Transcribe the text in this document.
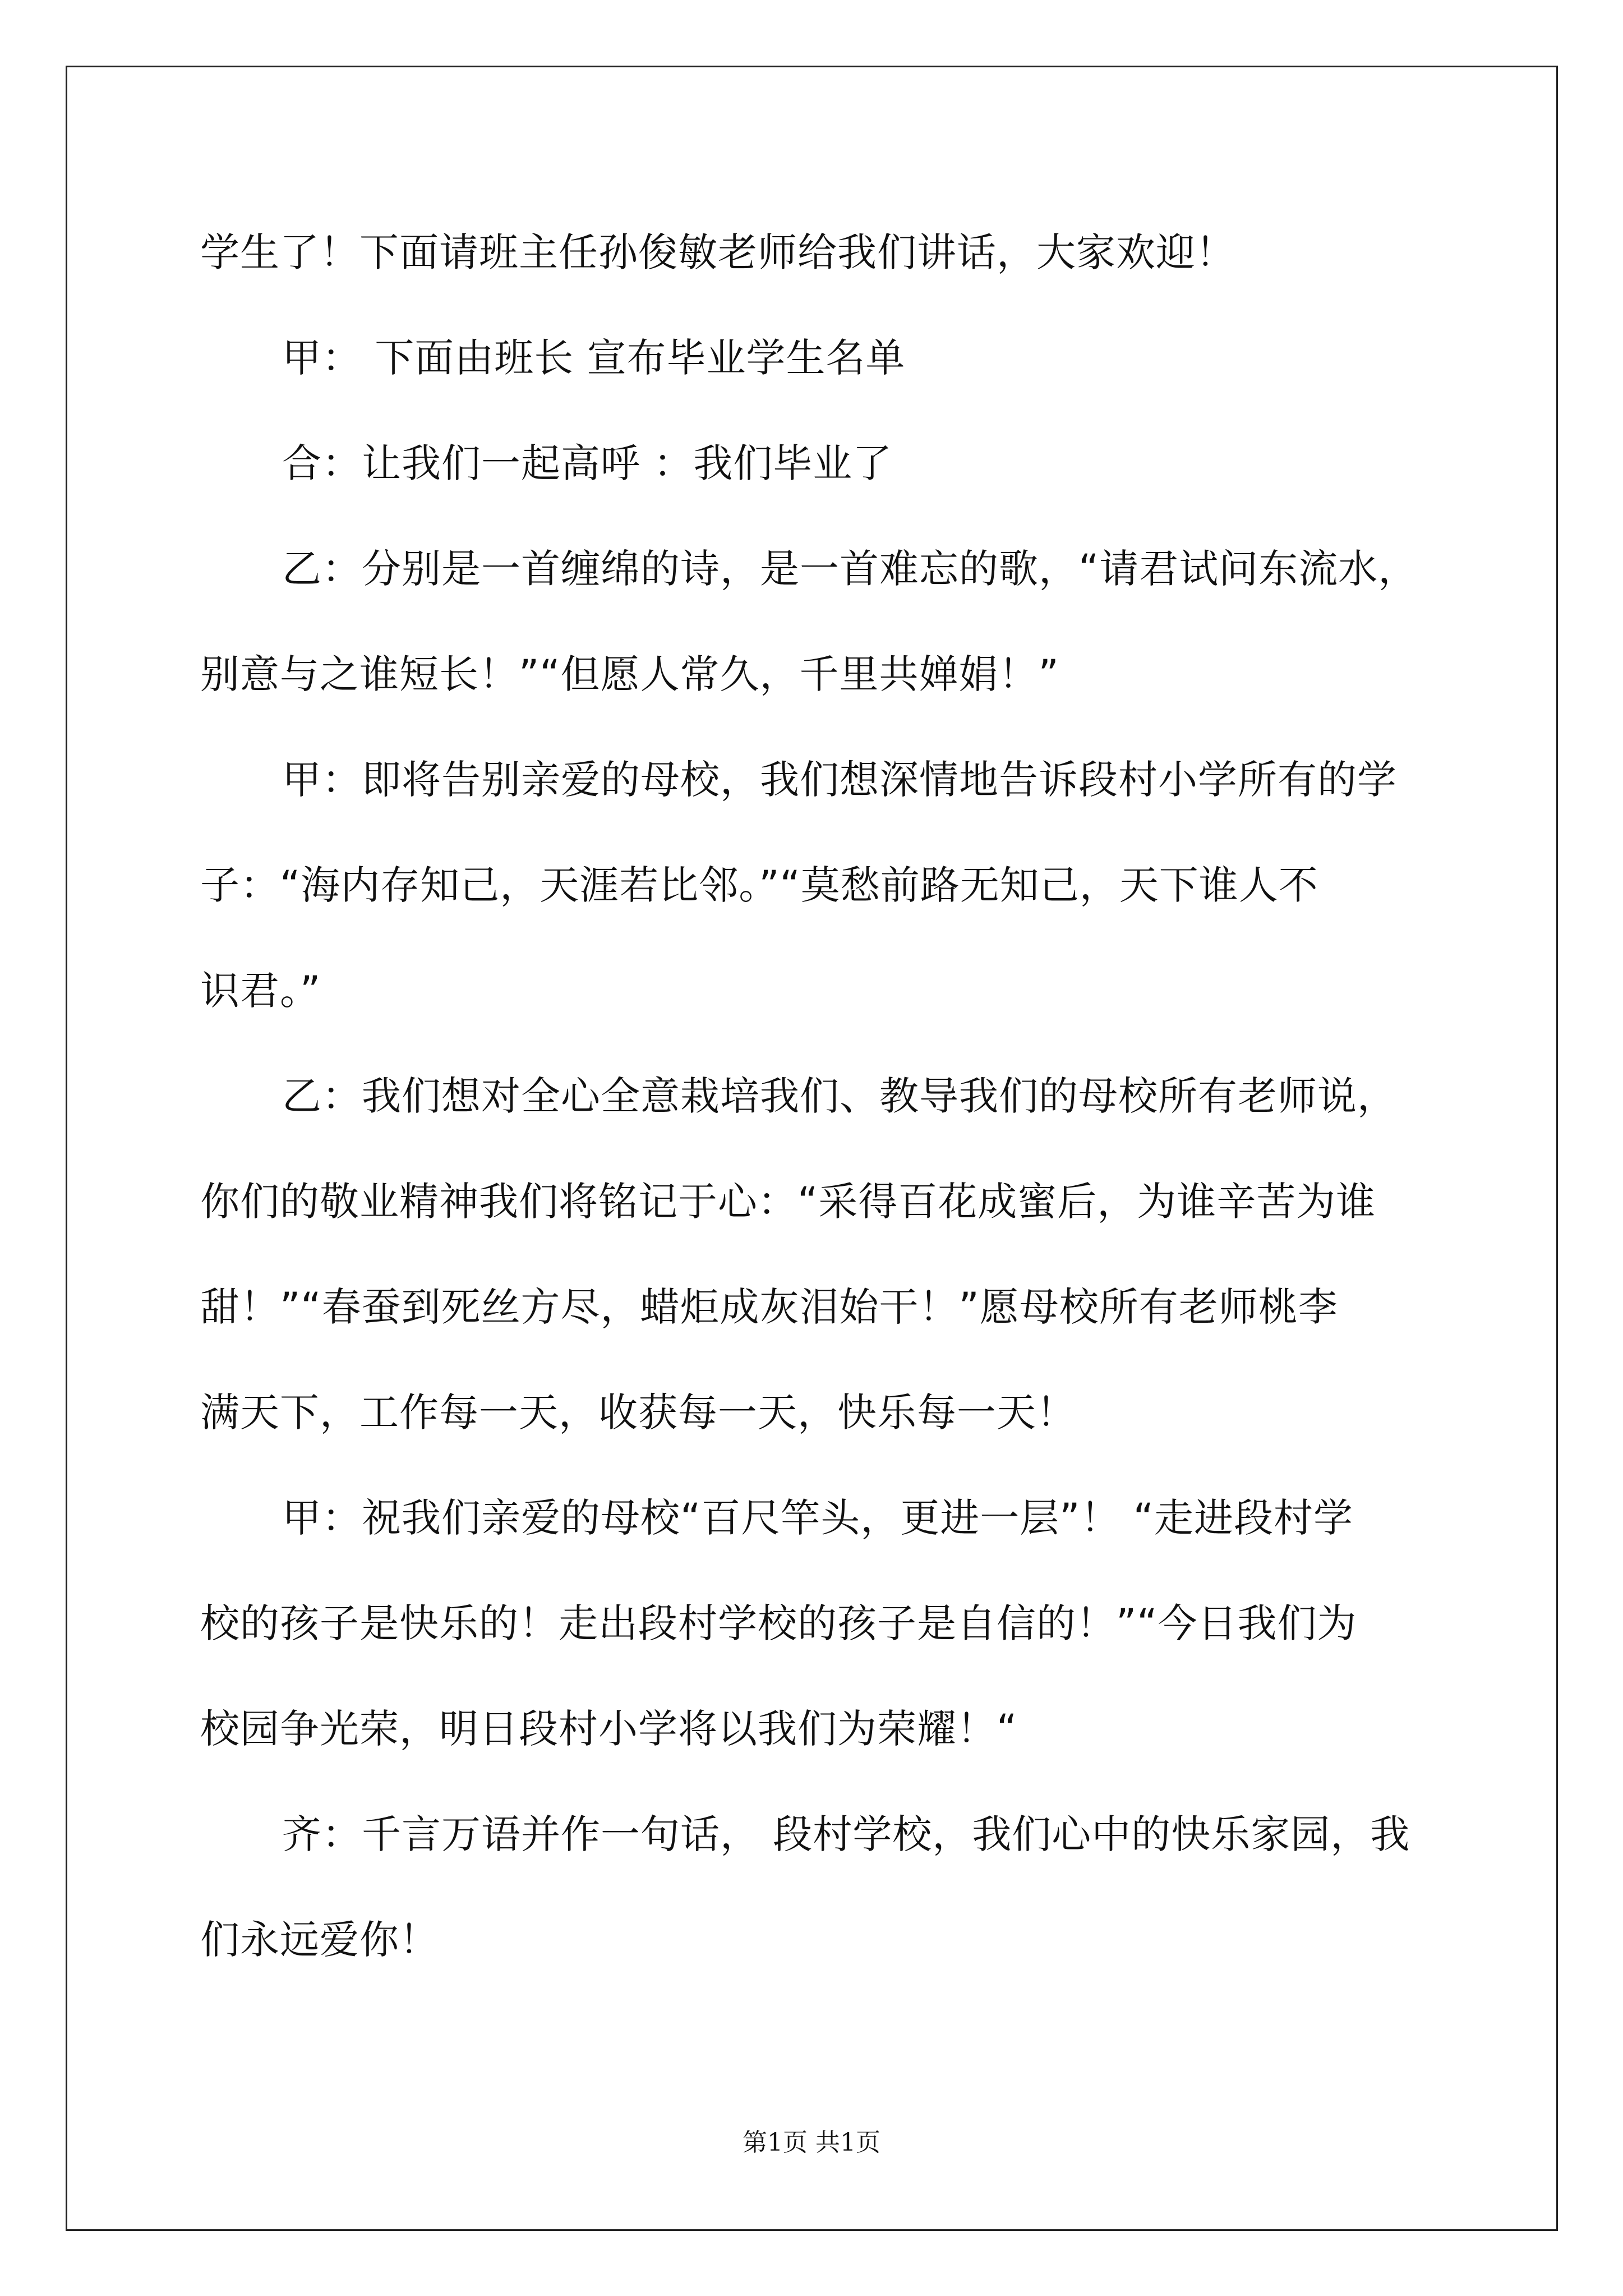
学生了！下面请班主任孙俊敏老师给我们讲话，大家欢迎！
甲： 下面由班长 宣布毕业学生名单
合：让我们一起高呼 ：我们毕业了
乙：分别是一首缠绵的诗，是一首难忘的歌，“请君试问东流水，
别意与之谁短长！”“但愿人常久，千里共婵娟！”
甲：即将告别亲爱的母校，我们想深情地告诉段村小学所有的学
子：“海内存知己，天涯若比邻。”“莫愁前路无知己，天下谁人不
识君。”
乙：我们想对全心全意栽培我们、教导我们的母校所有老师说，
你们的敬业精神我们将铭记于心：“采得百花成蜜后，为谁辛苦为谁
甜！”“春蚕到死丝方尽，蜡炬成灰泪始干！”愿母校所有老师桃李
满天下，工作每一天，收获每一天，快乐每一天！
甲：祝我们亲爱的母校“百尺竿头，更进一层”！ “走进段村学
校的孩子是快乐的！走出段村学校的孩子是自信的！”“今日我们为
校园争光荣，明日段村小学将以我们为荣耀！“
齐：千言万语并作一句话， 段村学校，我们心中的快乐家园，我
们永远爱你！
第1页 共1页
